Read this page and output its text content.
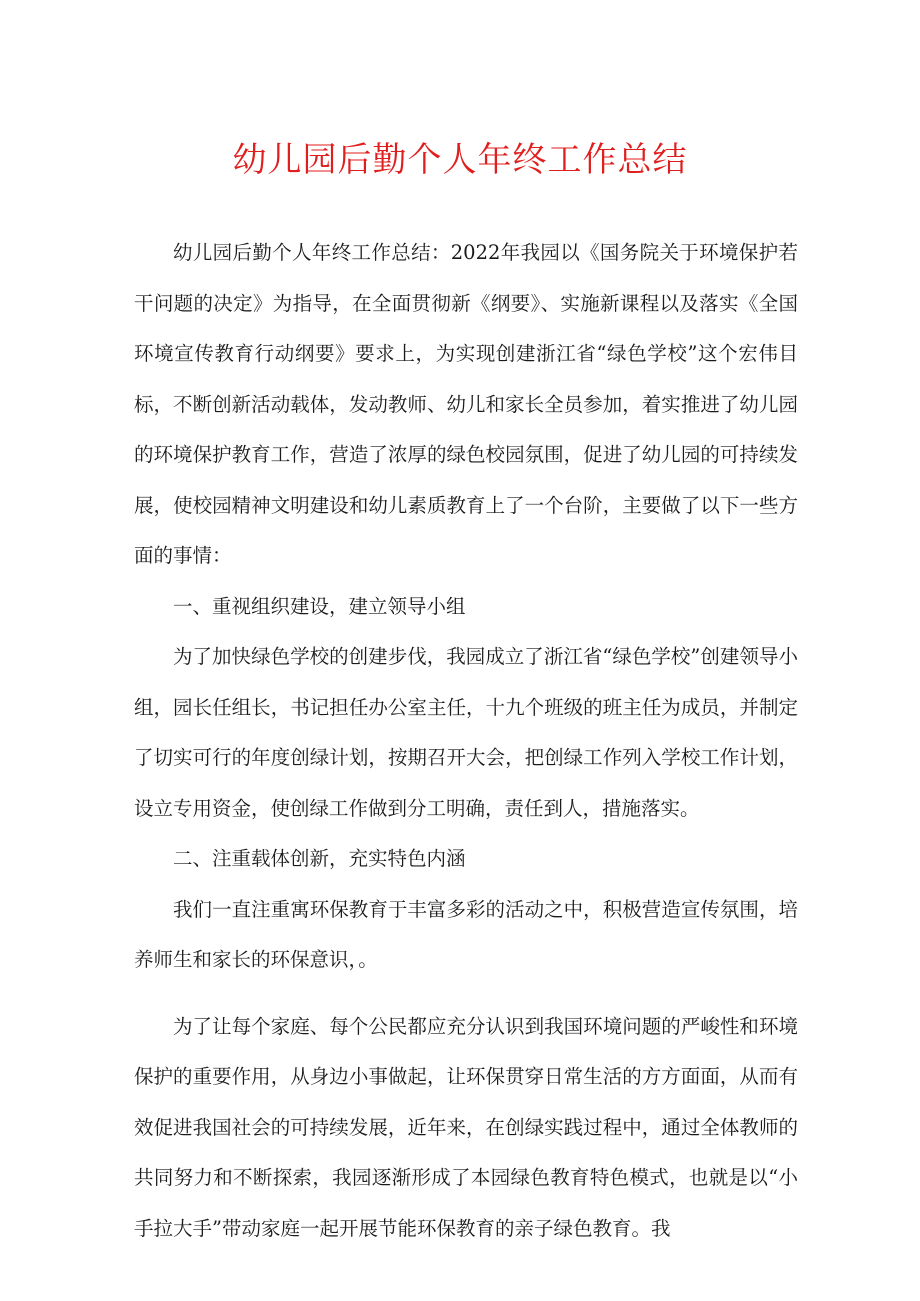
幼儿园后勤个人年终工作总结

幼儿园后勤个人年终工作总结：2022年我园以《国务院关于环境保护若干问题的决定》为指导，在全面贯彻新《纲要》、实施新课程以及落实《全国环境宣传教育行动纲要》要求上，为实现创建浙江省“绿色学校”这个宏伟目标，不断创新活动载体，发动教师、幼儿和家长全员参加，着实推进了幼儿园的环境保护教育工作，营造了浓厚的绿色校园氛围，促进了幼儿园的可持续发展，使校园精神文明建设和幼儿素质教育上了一个台阶，主要做了以下一些方面的事情：

一、重视组织建设，建立领导小组

为了加快绿色学校的创建步伐，我园成立了浙江省“绿色学校”创建领导小组，园长任组长，书记担任办公室主任，十九个班级的班主任为成员，并制定了切实可行的年度创绿计划，按期召开大会，把创绿工作列入学校工作计划，设立专用资金，使创绿工作做到分工明确，责任到人，措施落实。

二、注重载体创新，充实特色内涵

我们一直注重寓环保教育于丰富多彩的活动之中，积极营造宣传氛围，培养师生和家长的环保意识，。

为了让每个家庭、每个公民都应充分认识到我国环境问题的严峻性和环境保护的重要作用，从身边小事做起，让环保贯穿日常生活的方方面面，从而有效促进我国社会的可持续发展，近年来，在创绿实践过程中，通过全体教师的共同努力和不断探索，我园逐渐形成了本园绿色教育特色模式，也就是以“小手拉大手”带动家庭一起开展节能环保教育的亲子绿色教育。我
